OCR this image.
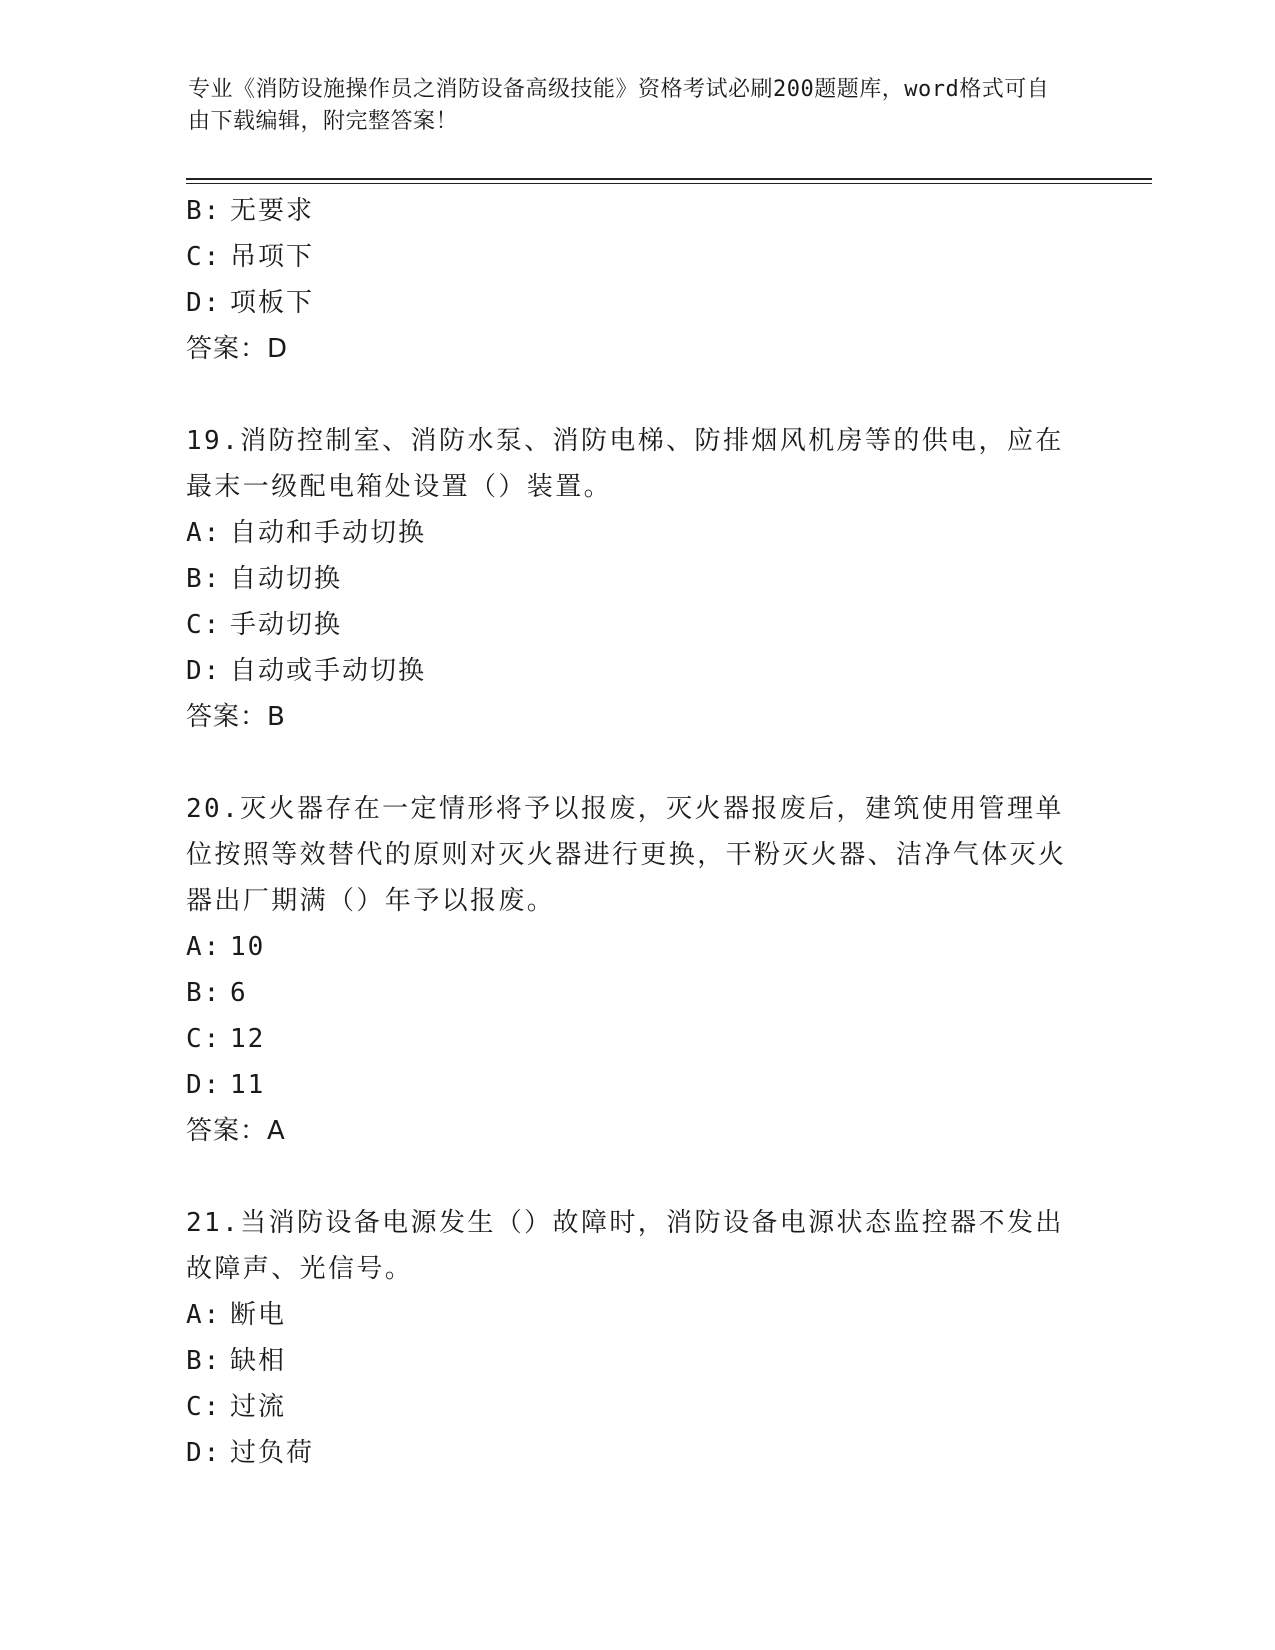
专业《消防设施操作员之消防设备高级技能》资格考试必刷200题题库，word格式可自由下载编辑，附完整答案！
B: 无要求
C: 吊项下
D: 项板下
答案：D
19.消防控制室、消防水泵、消防电梯、防排烟风机房等的供电，应在最末一级配电箱处设置（）装置。
A: 自动和手动切换
B: 自动切换
C: 手动切换
D: 自动或手动切换
答案：B
20.灭火器存在一定情形将予以报废，灭火器报废后，建筑使用管理单位按照等效替代的原则对灭火器进行更换，干粉灭火器、洁净气体灭火器出厂期满（）年予以报废。
A: 10
B: 6
C: 12
D: 11
答案：A
21.当消防设备电源发生（）故障时，消防设备电源状态监控器不发出故障声、光信号。
A: 断电
B: 缺相
C: 过流
D: 过负荷
